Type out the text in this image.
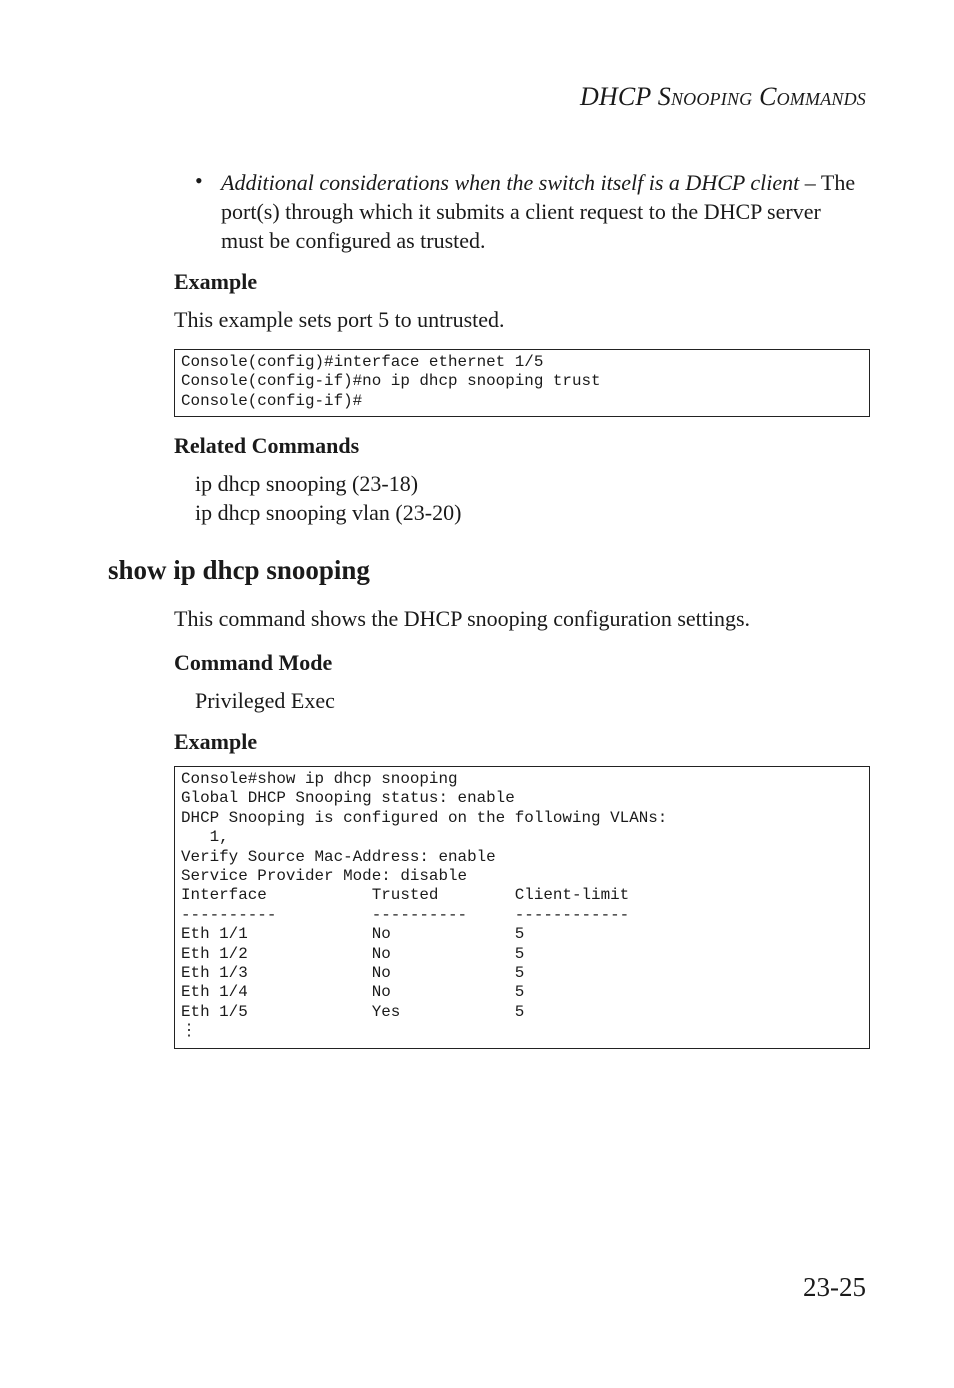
DHCP SNOOPING COMMANDS
• Additional considerations when the switch itself is a DHCP client – The port(s) through which it submits a client request to the DHCP server must be configured as trusted.
Example
This example sets port 5 to untrusted.
Console(config)#interface ethernet 1/5
Console(config-if)#no ip dhcp snooping trust
Console(config-if)#
Related Commands
ip dhcp snooping (23-18)
ip dhcp snooping vlan (23-20)
show ip dhcp snooping
This command shows the DHCP snooping configuration settings.
Command Mode
Privileged Exec
Example
Console#show ip dhcp snooping
Global DHCP Snooping status: enable
DHCP Snooping is configured on the following VLANs:
1,
Verify Source Mac-Address: enable
Service Provider Mode: disable
Interface           Trusted        Client-limit
----------          ----------     ------------
Eth 1/1             No             5
Eth 1/2             No             5
Eth 1/3             No             5
Eth 1/4             No             5
Eth 1/5             Yes            5
⋮
23-25
